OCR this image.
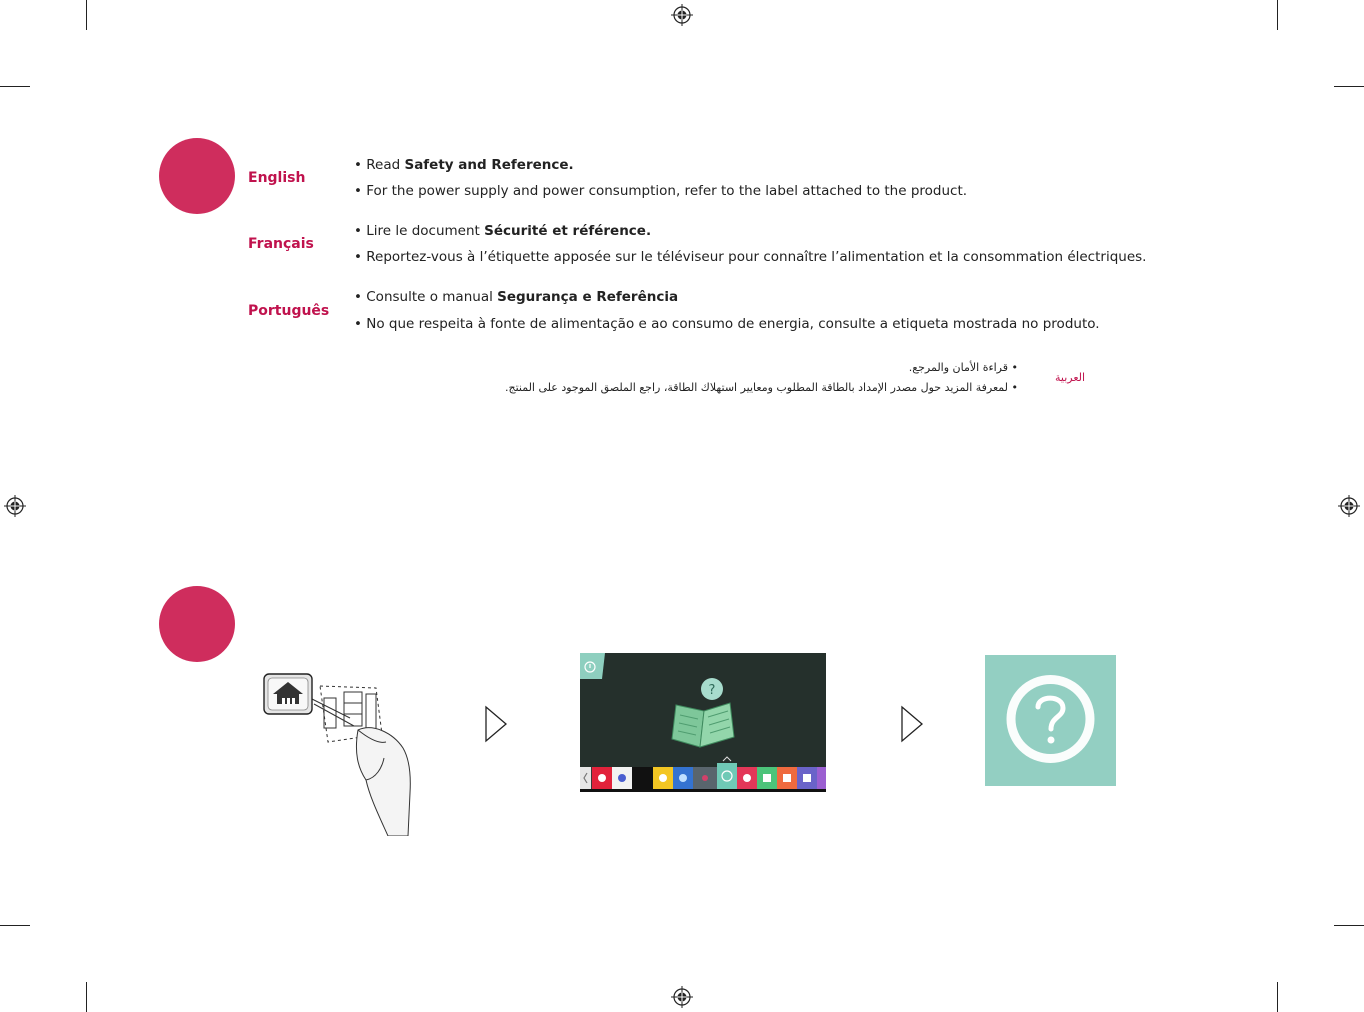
English
• Read Safety and Reference.
• For the power supply and power consumption, refer to the label attached to the product.
Français
• Lire le document Sécurité et référence.
• Reportez-vous à l’étiquette apposée sur le téléviseur pour connaître l’alimentation et la consommation électriques.
Português
• Consulte o manual Segurança e Referência
• No que respeita à fonte de alimentação e ao consumo de energia, consulte a etiqueta mostrada no produto.
• قراءة الأمان والمرجع.
• لمعرفة المزيد حول مصدر الإمداد بالطاقة المطلوب ومعايير استهلاك الطاقة، راجع الملصق الموجود على المنتج.
العربية
?
